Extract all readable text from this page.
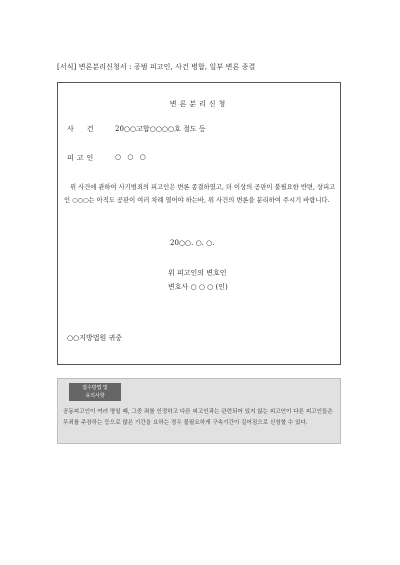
[서식] 변론분리신청서 : 공범 피고인, 사건 병합, 일부 변론 종결
변론분리신청
사건 20○○고합○○○○호 절도 등
피고인	○ ○ ○
위 사건에 관하여 사기범죄의 피고인은 변론 종결하였고, 더 이상의 공판이 불필요한 반면, 상피고인 ○○○는 아직도 공판이 여러 차례 열어야 하는바, 위 사건의 변론을 분리하여 주시기 바랍니다.
20○○. ○. ○.
위 피고인의 변호인
변호사 ○ ○ ○ (인)
○○지방법원 귀중
접수방법 및
유의사항
공동피고인이 여러 명일 때, 그중 죄를 인정하고 다른 피고인과는 관련되어 있지 않는 피고인이 다른 피고인들은 무죄를 주장하는 등으로 많은 기간을 요하는 경우 불필요하게 구속기간이 길어짐으로 신청할 수 있다.
